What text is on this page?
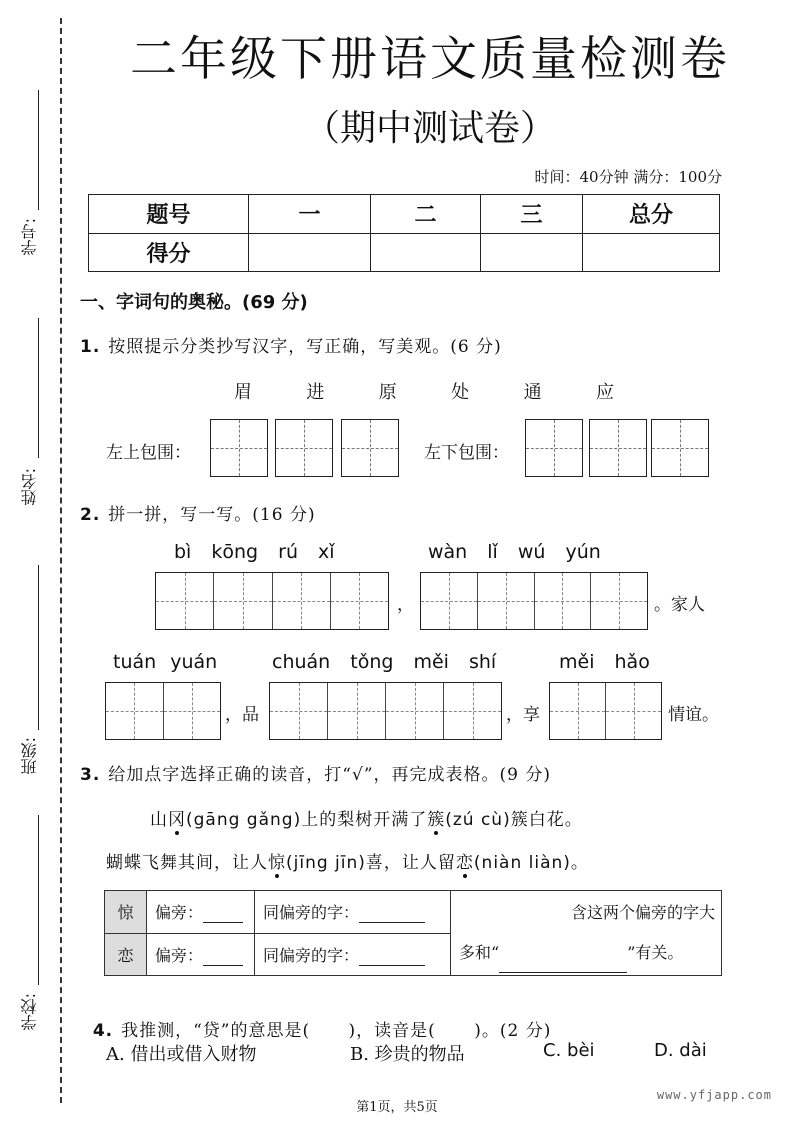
学号:
姓名:
班级:
学校:
二年级下册语文质量检测卷
（期中测试卷）
时间：40分钟 满分：100分
题号	一	二	三	总分
得分				
一、字词句的奥秘。(69 分)
1. 按照提示分类抄写汉字，写正确，写美观。(6 分)
眉	进	原	处	通	应
左上包围：	左下包围：
2. 拼一拼，写一写。(16 分)
bì kōng rú xǐ	wàn lǐ wú yún
，	。家人
tuán yuán	chuán tǒng měi shí	měi hǎo
，品	，享	情谊。
3. 给加点字选择正确的读音，打“√”，再完成表格。(9 分)
山冈(gāng gǎng)上的梨树开满了簇(zú cù)簇白花。
蝴蝶飞舞其间，让人惊(jīng jīn)喜，让人留恋(niàn liàn)。
惊	偏旁：	同偏旁的字：	含这两个偏旁的字大
多和“ ”有关。

恋	偏旁：	同偏旁的字：	

4. 我推测，“贷”的意思是(      )，读音是(      )。(2 分)

A. 借出或借入财物	B. 珍贵的物品	C. bèi	D. dài
第1页，共5页
www.yfjapp.com
